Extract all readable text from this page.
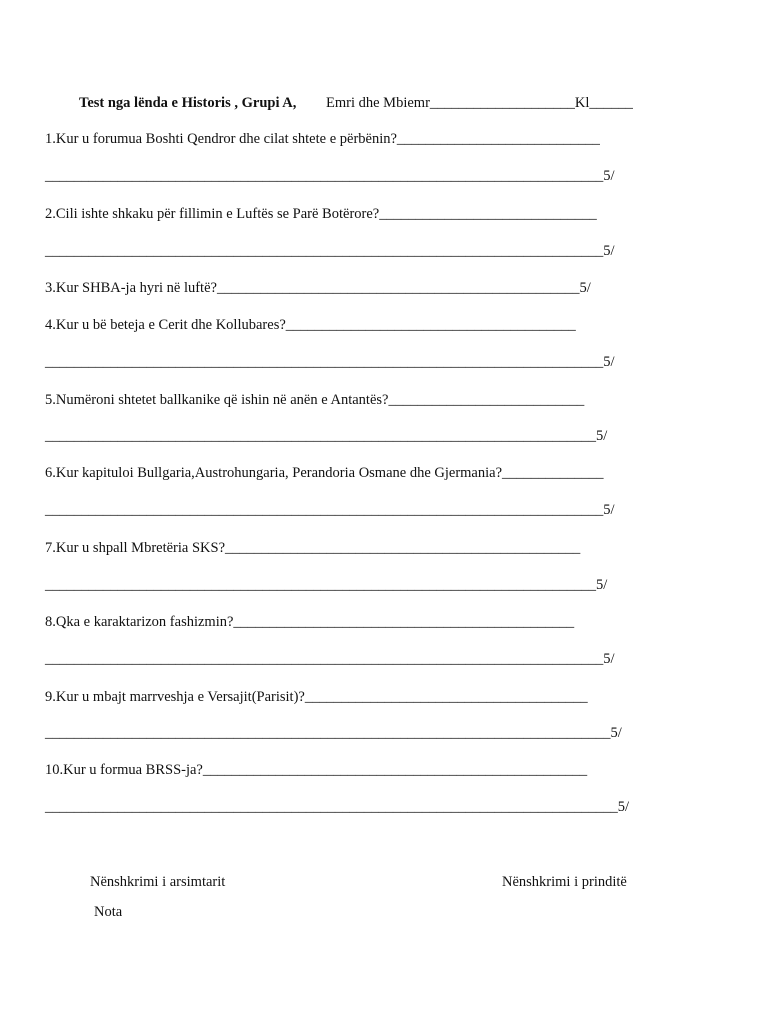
Test nga lënda e Historis , Grupi A, Emri dhe Mbiemr____________________Kl______
1.Kur u forumua Boshti Qendror dhe cilat shtete e përbënin?____________________________
_____________________________________________________________________________5/
2.Cili ishte shkaku për fillimin e Luftës se Parë Botërore?______________________________
_____________________________________________________________________________5/
3.Kur SHBA-ja hyri në luftë?__________________________________________________5/
4.Kur u bë beteja e Cerit dhe Kollubares?________________________________________
_____________________________________________________________________________5/
5.Numëroni shtetet ballkanike që ishin në anën e Antantës?___________________________
____________________________________________________________________________5/
6.Kur kapituloi Bullgaria,Austrohungaria, Perandoria Osmane dhe Gjermania?______________
_____________________________________________________________________________5/
7.Kur u shpall Mbretëria SKS?_________________________________________________
____________________________________________________________________________5/
8.Qka e karaktarizon fashizmin?_______________________________________________
_____________________________________________________________________________5/
9.Kur u mbajt marrveshja e Versajit(Parisit)?_______________________________________
______________________________________________________________________________5/
10.Kur u formua BRSS-ja?_____________________________________________________
_______________________________________________________________________________5/
Nënshkrimi i arsimtarit	Nënshkrimi i prinditë
Nota
